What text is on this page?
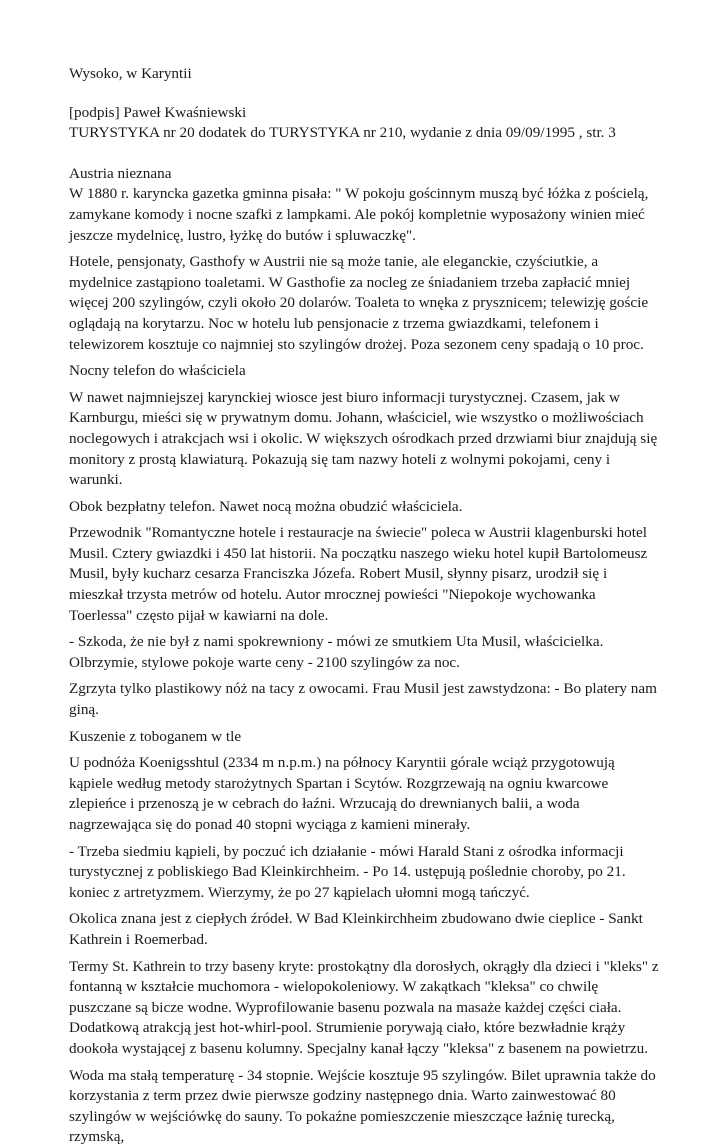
Wysoko, w Karyntii

[podpis] Paweł Kwaśniewski

TURYSTYKA nr 20 dodatek do TURYSTYKA nr 210, wydanie z dnia 09/09/1995 , str. 3

Austria nieznana

W 1880 r. karyncka gazetka gminna pisała: " W pokoju gościnnym muszą być łóżka z pościelą, zamykane komody i nocne szafki z lampkami. Ale pokój kompletnie wyposażony winien mieć jeszcze mydelnicę, lustro, łyżkę do butów i spluwaczkę".

Hotele, pensjonaty, Gasthofy w Austrii nie są może tanie, ale eleganckie, czyściutkie, a mydelnice zastąpiono toaletami. W Gasthofie za nocleg ze śniadaniem trzeba zapłacić mniej więcej 200 szylingów, czyli około 20 dolarów. Toaleta to wnęka z prysznicem; telewizję goście oglądają na korytarzu. Noc w hotelu lub pensjonacie z trzema gwiazdkami, telefonem i telewizorem kosztuje co najmniej sto szylingów drożej. Poza sezonem ceny spadają o 10 proc.

Nocny telefon do właściciela

W nawet najmniejszej karynckiej wiosce jest biuro informacji turystycznej. Czasem, jak w Karnburgu, mieści się w prywatnym domu. Johann, właściciel, wie wszystko o możliwościach noclegowych i atrakcjach wsi i okolic. W większych ośrodkach przed drzwiami biur znajdują się monitory z prostą klawiaturą. Pokazują się tam nazwy hoteli z wolnymi pokojami, ceny i warunki.

Obok bezpłatny telefon. Nawet nocą można obudzić właściciela.

Przewodnik "Romantyczne hotele i restauracje na świecie" poleca w Austrii klagenburski hotel Musil. Cztery gwiazdki i 450 lat historii. Na początku naszego wieku hotel kupił Bartolomeusz Musil, były kucharz cesarza Franciszka Józefa. Robert Musil, słynny pisarz, urodził się i mieszkał trzysta metrów od hotelu. Autor mrocznej powieści "Niepokoje wychowanka Toerlessa" często pijał w kawiarni na dole.

- Szkoda, że nie był z nami spokrewniony - mówi ze smutkiem Uta Musil, właścicielka. Olbrzymie, stylowe pokoje warte ceny - 2100 szylingów za noc.

Zgrzyta tylko plastikowy nóż na tacy z owocami. Frau Musil jest zawstydzona: - Bo platery nam giną.

Kuszenie z toboganem w tle

U podnóża Koenigsshtul (2334 m n.p.m.) na północy Karyntii górale wciąż przygotowują kąpiele według metody starożytnych Spartan i Scytów. Rozgrzewają na ogniu kwarcowe zlepieńce i przenoszą je w cebrach do łaźni. Wrzucają do drewnianych balii, a woda nagrzewająca się do ponad 40 stopni wyciąga z kamieni minerały.

- Trzeba siedmiu kąpieli, by poczuć ich działanie - mówi Harald Stani z ośrodka informacji turystycznej z pobliskiego Bad Kleinkirchheim. - Po 14. ustępują poślednie choroby, po 21. koniec z artretyzmem. Wierzymy, że po 27 kąpielach ułomni mogą tańczyć.

Okolica znana jest z ciepłych źródeł. W Bad Kleinkirchheim zbudowano dwie cieplice - Sankt Kathrein i Roemerbad.

Termy St. Kathrein to trzy baseny kryte: prostokątny dla dorosłych, okrągły dla dzieci i "kleks" z fontanną w kształcie muchomora - wielopokoleniowy. W zakątkach "kleksa" co chwilę puszczane są bicze wodne. Wyprofilowanie basenu pozwala na masaże każdej części ciała. Dodatkową atrakcją jest hot-whirl-pool. Strumienie porywają ciało, które bezwładnie krąży dookoła wystającej z basenu kolumny. Specjalny kanał łączy "kleksa" z basenem na powietrzu.

Woda ma stałą temperaturę - 34 stopnie. Wejście kosztuje 95 szylingów. Bilet uprawnia także do korzystania z term przez dwie pierwsze godziny następnego dnia. Warto zainwestować 80 szylingów w wejściówkę do sauny. To pokaźne pomieszczenie mieszczące łaźnię turecką, rzymską,
